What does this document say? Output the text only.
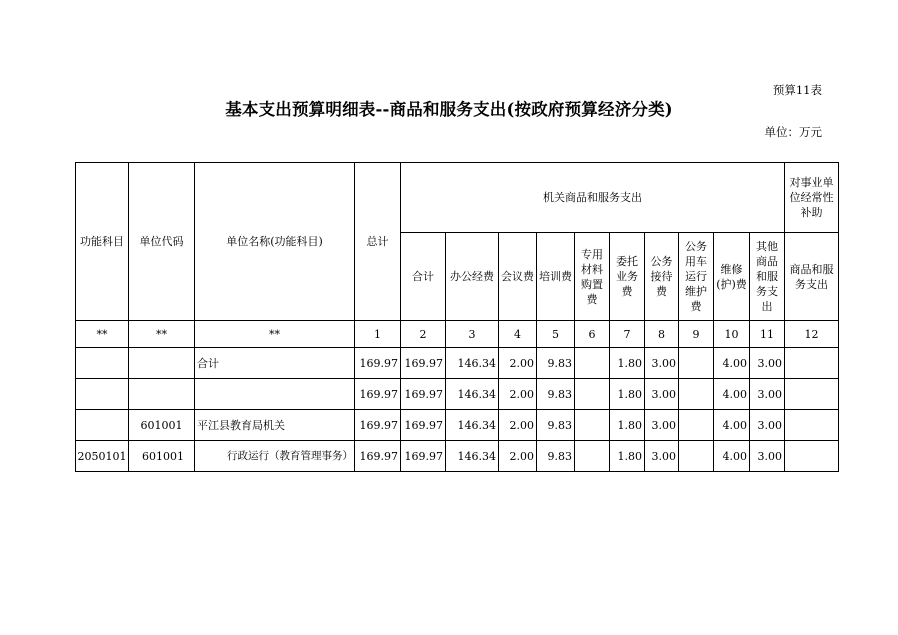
预算11表
基本支出预算明细表--商品和服务支出(按政府预算经济分类)
单位：万元
功能科目	单位代码	单位名称(功能科目)	总计	机关商品和服务支出										对事业单位经常性补助

				合计	办公经费	会议费	培训费	专用材料购置费	委托业务费	公务接待费	公务用车运行维护费	维修(护)费	其他商品和服务支出	商品和服务支出

**	**	**	1	2	3	4	5	6	7	8	9	10	11	12
		合计	169.97	169.97	146.34	2.00	9.83		1.80	3.00		4.00	3.00	
			169.97	169.97	146.34	2.00	9.83		1.80	3.00		4.00	3.00	
	601001	平江县教育局机关	169.97	169.97	146.34	2.00	9.83		1.80	3.00		4.00	3.00	
2050101	601001	行政运行（教育管理事务）	169.97	169.97	146.34	2.00	9.83		1.80	3.00		4.00	3.00	
